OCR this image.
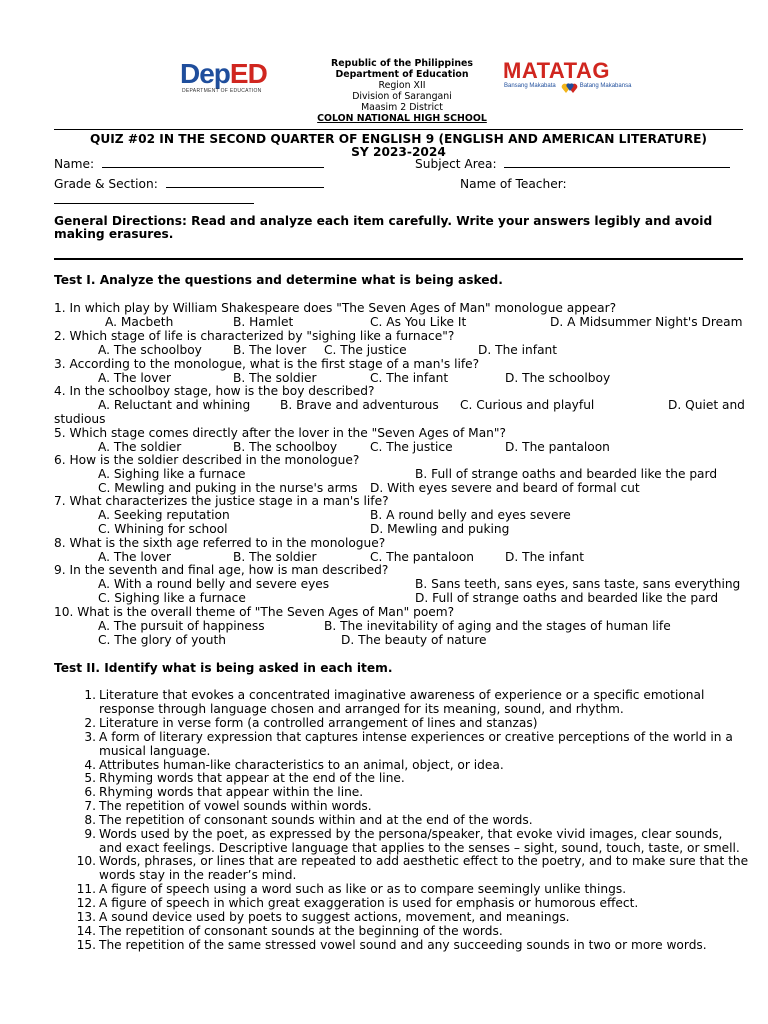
DepED
DEPARTMENT OF EDUCATION
Republic of the Philippines
Department of Education
Region XII
Division of Sarangani
Maasim 2 District
COLON NATIONAL HIGH SCHOOL
MATATAG
Bansang Makabata	Batang Makabansa
QUIZ #02 IN THE SECOND QUARTER OF ENGLISH 9 (ENGLISH AND AMERICAN LITERATURE)
SY 2023-2024
Name:	Subject Area:
Grade & Section:	Name of Teacher:
General Directions: Read and analyze each item carefully. Write your answers legibly and avoid making erasures.
Test I. Analyze the questions and determine what is being asked.
1. In which play by William Shakespeare does "The Seven Ages of Man" monologue appear?
A. Macbeth	B. Hamlet	C. As You Like It	D. A Midsummer Night's Dream
2. Which stage of life is characterized by "sighing like a furnace"?
A. The schoolboy	B. The lover C. The justice	D. The infant
3. According to the monologue, what is the first stage of a man's life?
A. The lover	B. The soldier	C. The infant	D. The schoolboy
4. In the schoolboy stage, how is the boy described?
A. Reluctant and whining B. Brave and adventurous C. Curious and playful	D. Quiet and
studious
5. Which stage comes directly after the lover in the "Seven Ages of Man"?
A. The soldier	B. The schoolboy	C. The justice	D. The pantaloon
6. How is the soldier described in the monologue?
A. Sighing like a furnace	B. Full of strange oaths and bearded like the pard
C. Mewling and puking in the nurse's arms D. With eyes severe and beard of formal cut
7. What characterizes the justice stage in a man's life?
A. Seeking reputation	B. A round belly and eyes severe
C. Whining for school	D. Mewling and puking
8. What is the sixth age referred to in the monologue?
A. The lover	B. The soldier	C. The pantaloon	D. The infant
9. In the seventh and final age, how is man described?
A. With a round belly and severe eyes	B. Sans teeth, sans eyes, sans taste, sans everything
C. Sighing like a furnace	D. Full of strange oaths and bearded like the pard
10. What is the overall theme of "The Seven Ages of Man" poem?
A. The pursuit of happiness	B. The inevitability of aging and the stages of human life
C. The glory of youth	D. The beauty of nature
Test II. Identify what is being asked in each item.
1. Literature that evokes a concentrated imaginative awareness of experience or a specific emotional response through language chosen and arranged for its meaning, sound, and rhythm.
2. Literature in verse form (a controlled arrangement of lines and stanzas)
3. A form of literary expression that captures intense experiences or creative perceptions of the world in a musical language.
4. Attributes human-like characteristics to an animal, object, or idea.
5. Rhyming words that appear at the end of the line.
6. Rhyming words that appear within the line.
7. The repetition of vowel sounds within words.
8. The repetition of consonant sounds within and at the end of the words.
9. Words used by the poet, as expressed by the persona/speaker, that evoke vivid images, clear sounds, and exact feelings. Descriptive language that applies to the senses – sight, sound, touch, taste, or smell.
10. Words, phrases, or lines that are repeated to add aesthetic effect to the poetry, and to make sure that the words stay in the reader’s mind.
11. A figure of speech using a word such as like or as to compare seemingly unlike things.
12. A figure of speech in which great exaggeration is used for emphasis or humorous effect.
13. A sound device used by poets to suggest actions, movement, and meanings.
14. The repetition of consonant sounds at the beginning of the words.
15. The repetition of the same stressed vowel sound and any succeeding sounds in two or more words.
